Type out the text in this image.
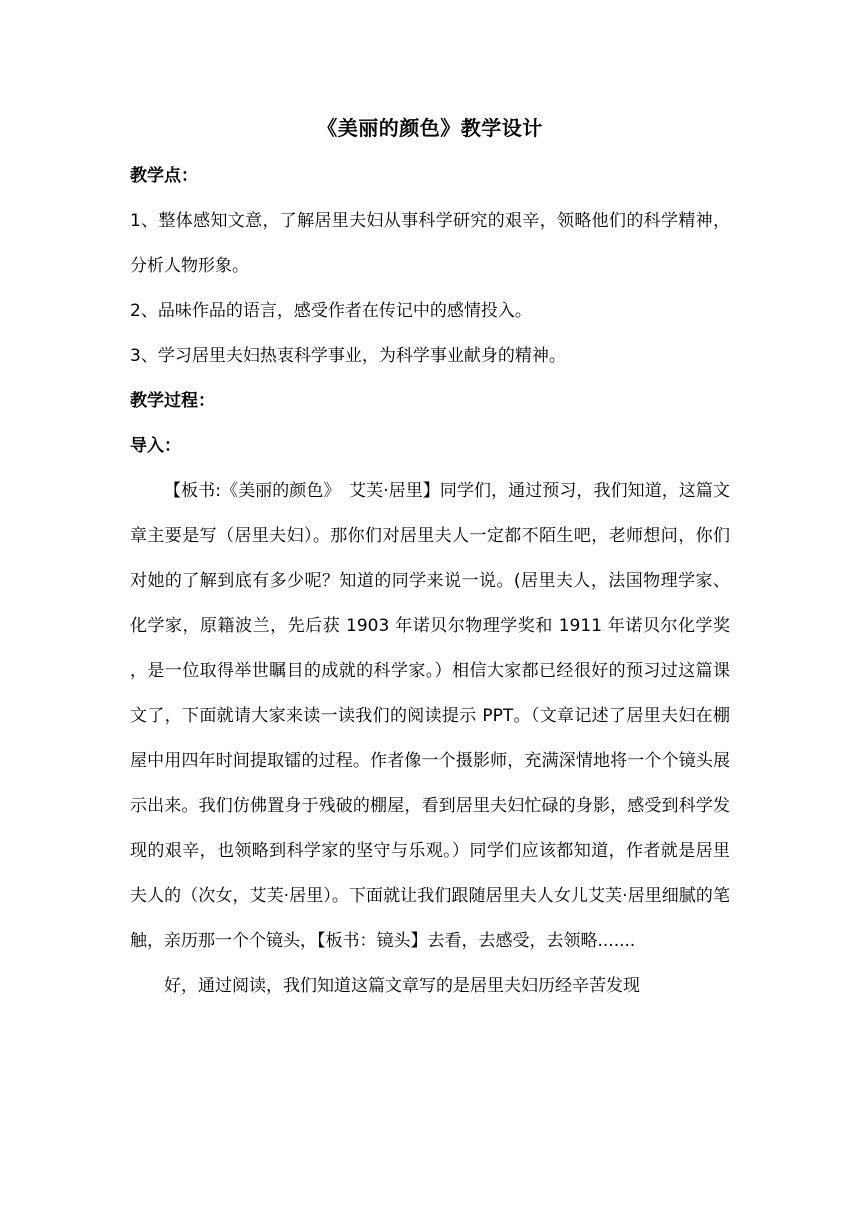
《美丽的颜色》教学设计

教学点：

1、整体感知文意，了解居里夫妇从事科学研究的艰辛，领略他们的科学精神，分析人物形象。

2、品味作品的语言，感受作者在传记中的感情投入。

3、学习居里夫妇热衷科学事业，为科学事业献身的精神。

教学过程：

导入：

【板书:《美丽的颜色》　艾芙·居里】同学们，通过预习，我们知道，这篇文章主要是写（居里夫妇）。那你们对居里夫人一定都不陌生吧，老师想问，你们对她的了解到底有多少呢？知道的同学来说一说。(居里夫人，法国物理学家、化学家，原籍波兰，先后获 1903 年诺贝尔物理学奖和 1911 年诺贝尔化学奖 ，是一位取得举世瞩目的成就的科学家。）相信大家都已经很好的预习过这篇课文了，下面就请大家来读一读我们的阅读提示 PPT。（文章记述了居里夫妇在棚屋中用四年时间提取镭的过程。作者像一个摄影师，充满深情地将一个个镜头展示出来。我们仿佛置身于残破的棚屋，看到居里夫妇忙碌的身影，感受到科学发现的艰辛，也领略到科学家的坚守与乐观。）同学们应该都知道，作者就是居里夫人的（次女，艾芙·居里）。下面就让我们跟随居里夫人女儿艾芙·居里细腻的笔触，亲历那一个个镜头，【板书：镜头】去看，去感受，去领略.......

好，通过阅读，我们知道这篇文章写的是居里夫妇历经辛苦发现
